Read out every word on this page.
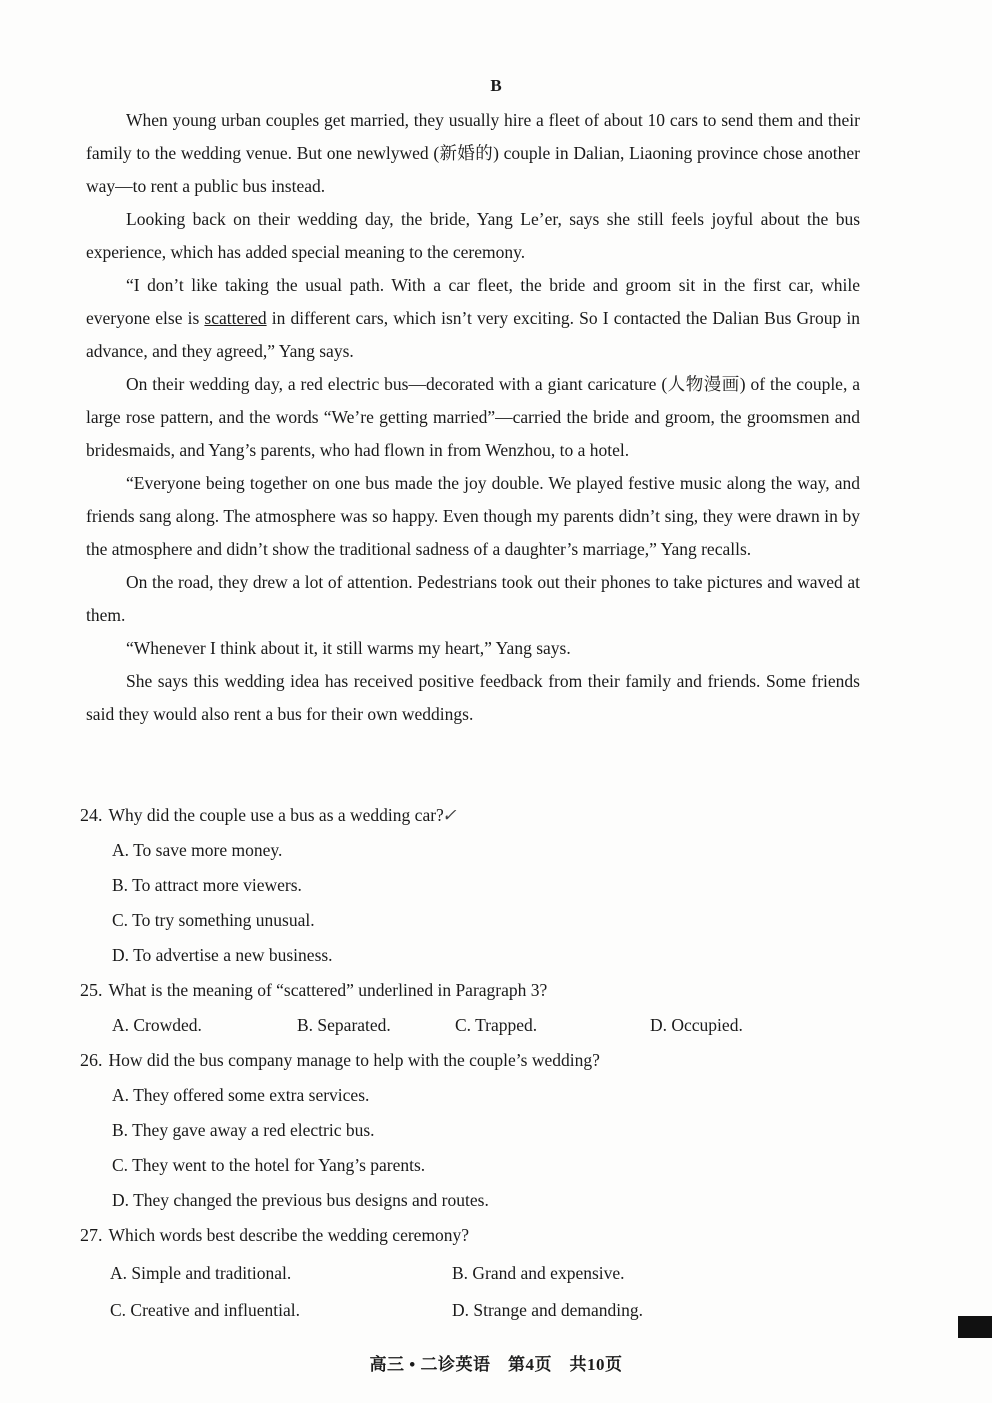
B

When young urban couples get married, they usually hire a fleet of about 10 cars to send them and their family to the wedding venue. But one newlywed (新婚的) couple in Dalian, Liaoning province chose another way—to rent a public bus instead.

Looking back on their wedding day, the bride, Yang Le’er, says she still feels joyful about the bus experience, which has added special meaning to the ceremony.

“I don’t like taking the usual path. With a car fleet, the bride and groom sit in the first car, while everyone else is scattered in different cars, which isn’t very exciting. So I contacted the Dalian Bus Group in advance, and they agreed,” Yang says.

On their wedding day, a red electric bus—decorated with a giant caricature (人物漫画) of the couple, a large rose pattern, and the words “We’re getting married”—carried the bride and groom, the groomsmen and bridesmaids, and Yang’s parents, who had flown in from Wenzhou, to a hotel.

“Everyone being together on one bus made the joy double. We played festive music along the way, and friends sang along. The atmosphere was so happy. Even though my parents didn’t sing, they were drawn in by the atmosphere and didn’t show the traditional sadness of a daughter’s marriage,” Yang recalls.

On the road, they drew a lot of attention. Pedestrians took out their phones to take pictures and waved at them.

“Whenever I think about it, it still warms my heart,” Yang says.

She says this wedding idea has received positive feedback from their family and friends. Some friends said they would also rent a bus for their own weddings.

24. Why did the couple use a bus as a wedding car?✓
A. To save more money.
B. To attract more viewers.
C. To try something unusual.
D. To advertise a new business.
25. What is the meaning of “scattered” underlined in Paragraph 3?
A. Crowded.	B. Separated.	C. Trapped.	D. Occupied.
26. How did the bus company manage to help with the couple’s wedding?
A. They offered some extra services.
B. They gave away a red electric bus.
C. They went to the hotel for Yang’s parents.
D. They changed the previous bus designs and routes.
27. Which words best describe the wedding ceremony?
A. Simple and traditional.	B. Grand and expensive.
C. Creative and influential.	D. Strange and demanding.
高三 • 二诊英语　第4页　共10页
